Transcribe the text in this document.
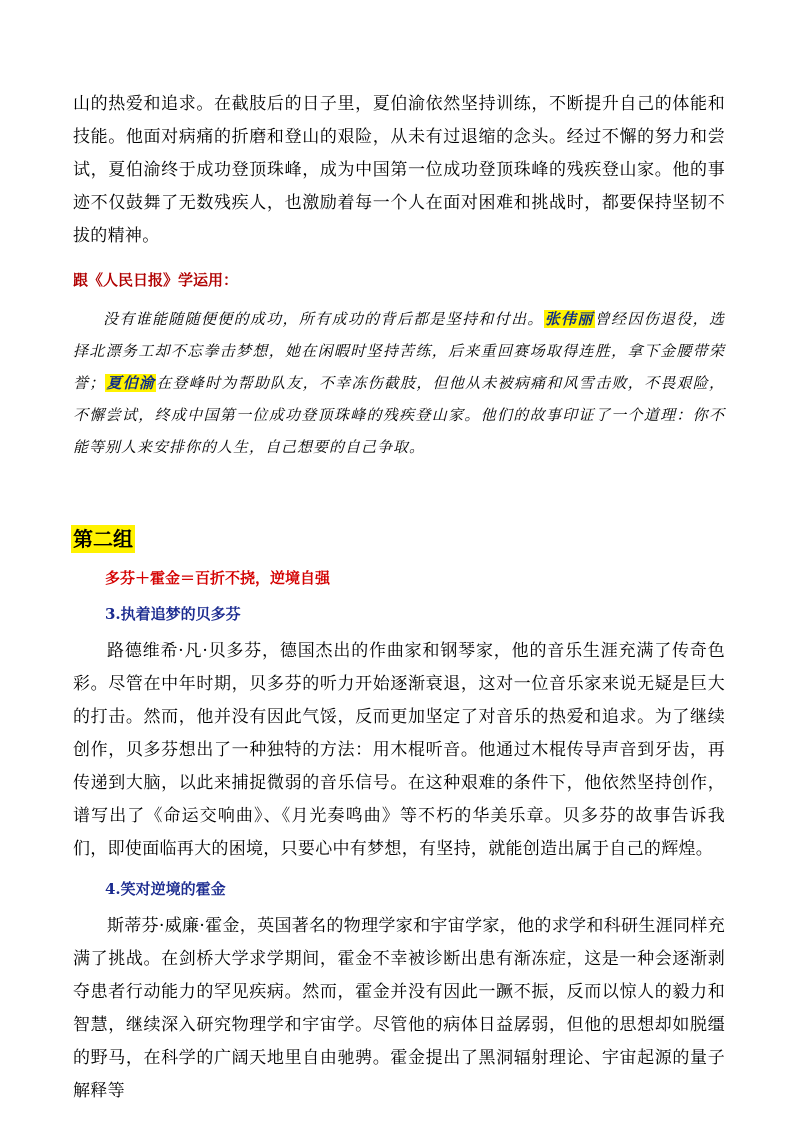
山的热爱和追求。在截肢后的日子里，夏伯渝依然坚持训练，不断提升自己的体能和技能。他面对病痛的折磨和登山的艰险，从未有过退缩的念头。经过不懈的努力和尝试，夏伯渝终于成功登顶珠峰，成为中国第一位成功登顶珠峰的残疾登山家。他的事迹不仅鼓舞了无数残疾人，也激励着每一个人在面对困难和挑战时，都要保持坚韧不拔的精神。

跟《人民日报》学运用：

没有谁能随随便便的成功，所有成功的背后都是坚持和付出。张伟丽曾经因伤退役，选择北漂务工却不忘拳击梦想，她在闲暇时坚持苦练，后来重回赛场取得连胜，拿下金腰带荣誉；夏伯渝在登峰时为帮助队友，不幸冻伤截肢，但他从未被病痛和风雪击败，不畏艰险，不懈尝试，终成中国第一位成功登顶珠峰的残疾登山家。他们的故事印证了一个道理：你不能等别人来安排你的人生，自己想要的自己争取。

第二组
多芬＋霍金＝百折不挠，逆境自强
3.执着追梦的贝多芬

路德维希·凡·贝多芬，德国杰出的作曲家和钢琴家，他的音乐生涯充满了传奇色彩。尽管在中年时期，贝多芬的听力开始逐渐衰退，这对一位音乐家来说无疑是巨大的打击。然而，他并没有因此气馁，反而更加坚定了对音乐的热爱和追求。为了继续创作，贝多芬想出了一种独特的方法：用木棍听音。他通过木棍传导声音到牙齿，再传递到大脑，以此来捕捉微弱的音乐信号。在这种艰难的条件下，他依然坚持创作，谱写出了《命运交响曲》、《月光奏鸣曲》等不朽的华美乐章。贝多芬的故事告诉我们，即使面临再大的困境，只要心中有梦想，有坚持，就能创造出属于自己的辉煌。

4.笑对逆境的霍金

斯蒂芬·威廉·霍金，英国著名的物理学家和宇宙学家，他的求学和科研生涯同样充满了挑战。在剑桥大学求学期间，霍金不幸被诊断出患有渐冻症，这是一种会逐渐剥夺患者行动能力的罕见疾病。然而，霍金并没有因此一蹶不振，反而以惊人的毅力和智慧，继续深入研究物理学和宇宙学。尽管他的病体日益孱弱，但他的思想却如脱缰的野马，在科学的广阔天地里自由驰骋。霍金提出了黑洞辐射理论、宇宙起源的量子解释等
